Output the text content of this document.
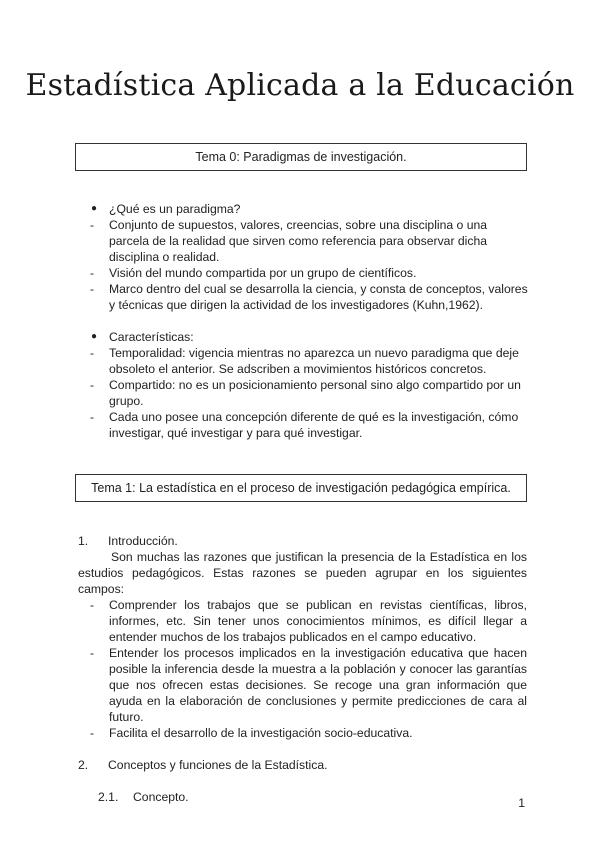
Estadística Aplicada a la Educación
Tema 0: Paradigmas de investigación.
● ¿Qué es un paradigma?
-	Conjunto de supuestos, valores, creencias, sobre una disciplina o una parcela de la realidad que sirven como referencia para observar dicha disciplina o realidad.
-	Visión del mundo compartida por un grupo de científicos.
-	Marco dentro del cual se desarrolla la ciencia, y consta de conceptos, valores y técnicas que dirigen la actividad de los investigadores (Kuhn,1962).
● Características:
-	Temporalidad: vigencia mientras no aparezca un nuevo paradigma que deje obsoleto el anterior. Se adscriben a movimientos históricos concretos.
-	Compartido: no es un posicionamiento personal sino algo compartido por un grupo.
-	Cada uno posee una concepción diferente de qué es la investigación, cómo investigar, qué investigar y para qué investigar.
Tema 1: La estadística en el proceso de investigación pedagógica empírica.
1. Introducción.
Son muchas las razones que justifican la presencia de la Estadística en los estudios pedagógicos. Estas razones se pueden agrupar en los siguientes campos:
-	Comprender los trabajos que se publican en revistas científicas, libros, informes, etc. Sin tener unos conocimientos mínimos, es difícil llegar a entender muchos de los trabajos publicados en el campo educativo.
-	Entender los procesos implicados en la investigación educativa que hacen posible la inferencia desde la muestra a la población y conocer las garantías que nos ofrecen estas decisiones. Se recoge una gran información que ayuda en la elaboración de conclusiones y permite predicciones de cara al futuro.
-	Facilita el desarrollo de la investigación socio-educativa.
2. Conceptos y funciones de la Estadística.
2.1. Concepto.	1
